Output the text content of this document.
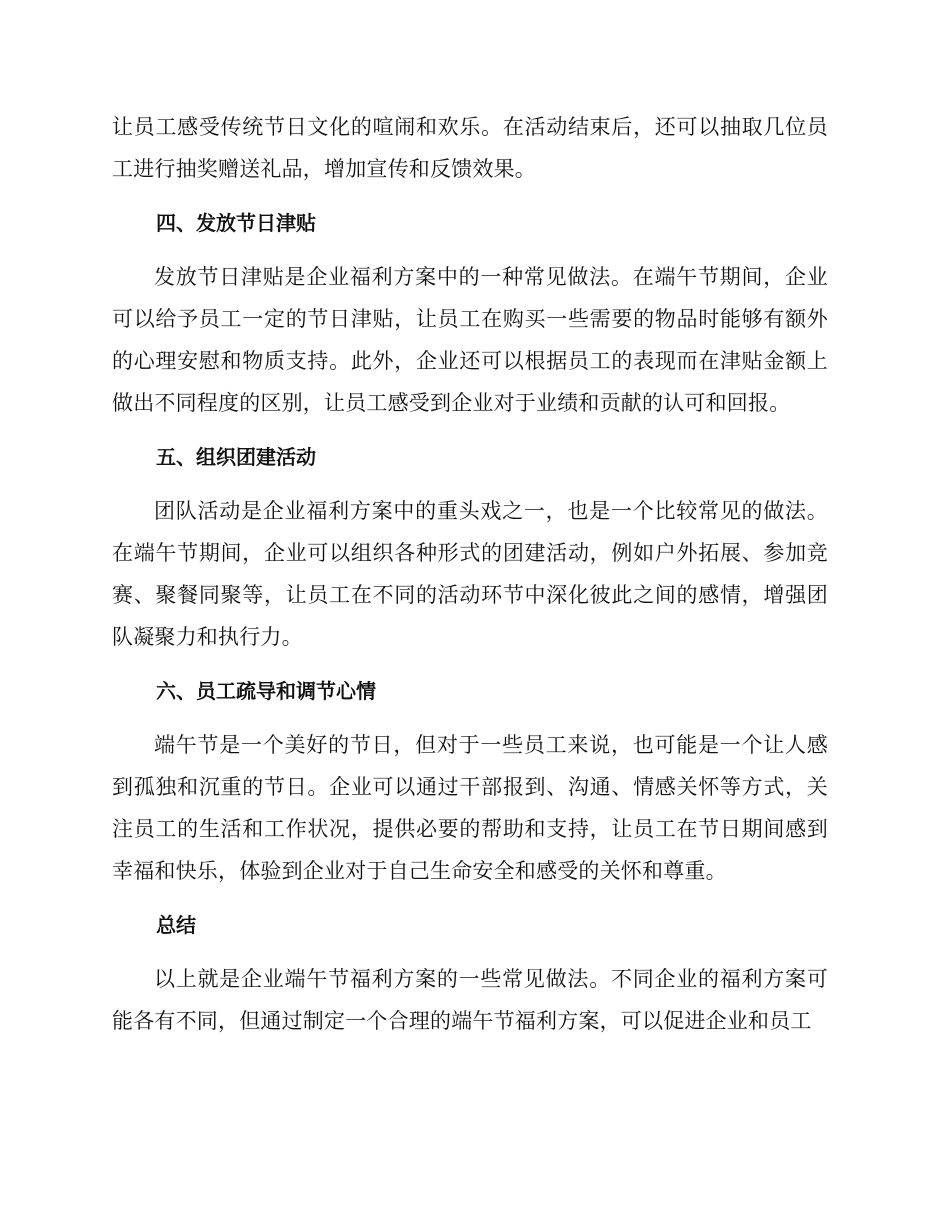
让员工感受传统节日文化的喧闹和欢乐。在活动结束后，还可以抽取几位员工进行抽奖赠送礼品，增加宣传和反馈效果。

四、发放节日津贴

发放节日津贴是企业福利方案中的一种常见做法。在端午节期间，企业可以给予员工一定的节日津贴，让员工在购买一些需要的物品时能够有额外的心理安慰和物质支持。此外，企业还可以根据员工的表现而在津贴金额上做出不同程度的区别，让员工感受到企业对于业绩和贡献的认可和回报。

五、组织团建活动

团队活动是企业福利方案中的重头戏之一，也是一个比较常见的做法。在端午节期间，企业可以组织各种形式的团建活动，例如户外拓展、参加竞赛、聚餐同聚等，让员工在不同的活动环节中深化彼此之间的感情，增强团队凝聚力和执行力。

六、员工疏导和调节心情

端午节是一个美好的节日，但对于一些员工来说，也可能是一个让人感到孤独和沉重的节日。企业可以通过干部报到、沟通、情感关怀等方式，关注员工的生活和工作状况，提供必要的帮助和支持，让员工在节日期间感到幸福和快乐，体验到企业对于自己生命安全和感受的关怀和尊重。

总结

以上就是企业端午节福利方案的一些常见做法。不同企业的福利方案可能各有不同，但通过制定一个合理的端午节福利方案，可以促进企业和员工
